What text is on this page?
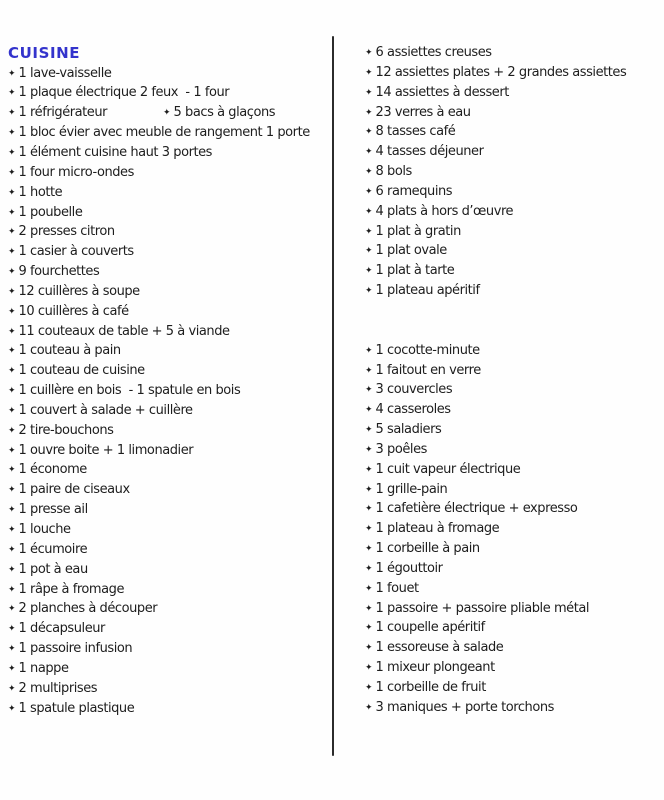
CUISINE
✦ 1 lave-vaisselle
✦ 1 plaque électrique 2 feux  - 1 four
✦ 1 réfrigérateur	✦ 5 bacs à glaçons
✦ 1 bloc évier avec meuble de rangement 1 porte
✦ 1 élément cuisine haut 3 portes
✦ 1 four micro-ondes
✦ 1 hotte
✦ 1 poubelle
✦ 2 presses citron
✦ 1 casier à couverts
✦ 9 fourchettes
✦ 12 cuillères à soupe
✦ 10 cuillères à café
✦ 11 couteaux de table + 5 à viande
✦ 1 couteau à pain
✦ 1 couteau de cuisine
✦ 1 cuillère en bois  - 1 spatule en bois
✦ 1 couvert à salade + cuillère
✦ 2 tire-bouchons
✦ 1 ouvre boite + 1 limonadier
✦ 1 économe
✦ 1 paire de ciseaux
✦ 1 presse ail
✦ 1 louche
✦ 1 écumoire
✦ 1 pot à eau
✦ 1 râpe à fromage
✦ 2 planches à découper
✦ 1 décapsuleur
✦ 1 passoire infusion
✦ 1 nappe
✦ 2 multiprises
✦ 1 spatule plastique
✦ 6 assiettes creuses
✦ 12 assiettes plates + 2 grandes assiettes
✦ 14 assiettes à dessert
✦ 23 verres à eau
✦ 8 tasses café
✦ 4 tasses déjeuner
✦ 8 bols
✦ 6 ramequins
✦ 4 plats à hors d’œuvre
✦ 1 plat à gratin
✦ 1 plat ovale
✦ 1 plat à tarte
✦ 1 plateau apéritif
✦ 1 cocotte-minute
✦ 1 faitout en verre
✦ 3 couvercles
✦ 4 casseroles
✦ 5 saladiers
✦ 3 poêles
✦ 1 cuit vapeur électrique
✦ 1 grille-pain
✦ 1 cafetière électrique + expresso
✦ 1 plateau à fromage
✦ 1 corbeille à pain
✦ 1 égouttoir
✦ 1 fouet
✦ 1 passoire + passoire pliable métal
✦ 1 coupelle apéritif
✦ 1 essoreuse à salade
✦ 1 mixeur plongeant
✦ 1 corbeille de fruit
✦ 3 maniques + porte torchons
